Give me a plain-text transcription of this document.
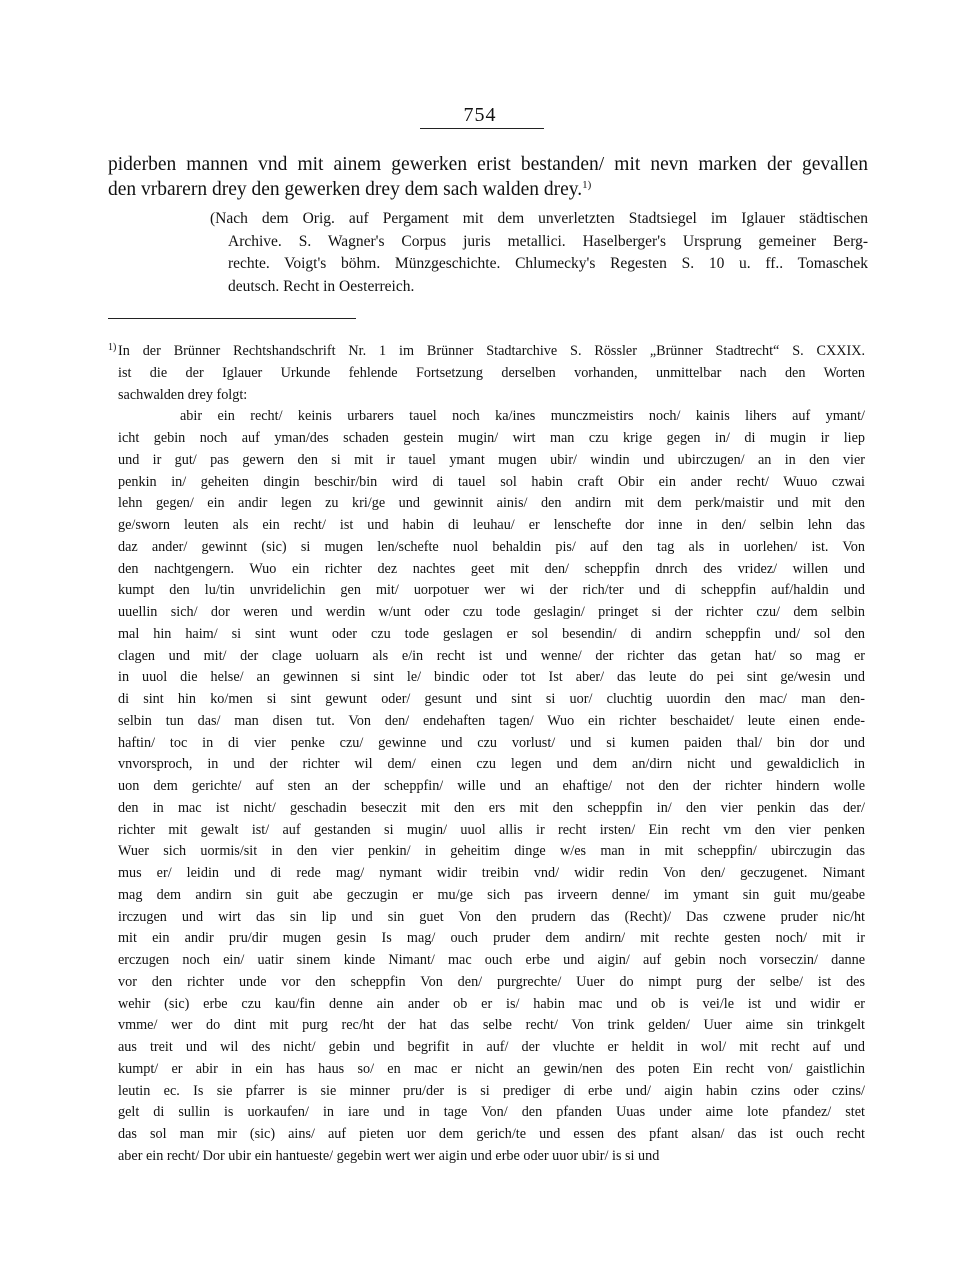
754
piderben mannen vnd mit ainem gewerken erist bestanden/ mit nevn marken der gevallen
den vrbarern drey den gewerken drey dem sach walden drey.$^{1)}$
(Nach dem Orig. auf Pergament mit dem unverletzten Stadtsiegel im Iglauer städtischen
Archive. S. Wagner's Corpus juris metallici. Haselberger's Ursprung gemeiner Berg-
rechte. Voigt's böhm. Münzgeschichte. Chlumecky's Regesten S. 10 u. ff.. Tomaschek
deutsch. Recht in Oesterreich.
1) In der Brünner Rechtshandschrift Nr. 1 im Brünner Stadtarchive S. Rössler „Brünner Stadtrecht“ S. CXXIX.
ist die der Iglauer Urkunde fehlende Fortsetzung derselben vorhanden, unmittelbar nach den Worten
sachwalden drey folgt:
abir ein recht/ keinis urbarers tauel noch ka/ines munczmeistirs noch/ kainis lihers auf ymant/
icht gebin noch auf yman/des schaden gestein mugin/ wirt man czu krige gegen in/ di mugin ir liep
und ir gut/ pas gewern den si mit ir tauel ymant mugen ubir/ windin und ubirczugen/ an in den vier
penkin in/ geheiten dingin beschir/bin wird di tauel sol habin craft Obir ein ander recht/ Wuuo czwai
lehn gegen/ ein andir legen zu kri/ge und gewinnit ainis/ den andirn mit dem perk/maistir und mit den
ge/sworn leuten als ein recht/ ist und habin di leuhau/ er lenschefte dor inne in den/ selbin lehn das
daz ander/ gewinnt (sic) si mugen len/schefte nuol behaldin pis/ auf den tag als in uorlehen/ ist. Von
den nachtgengern. Wuo ein richter dez nachtes geet mit den/ scheppfin dnrch des vridez/ willen und
kumpt den lu/tin unvridelichin gen mit/ uorpotuer wer wi der rich/ter und di scheppfin auf/haldin und
uuellin sich/ dor weren und werdin w/unt oder czu tode geslagin/ pringet si der richter czu/ dem selbin
mal hin haim/ si sint wunt oder czu tode geslagen er sol besendin/ di andirn scheppfin und/ sol den
clagen und mit/ der clage uoluarn als e/in recht ist und wenne/ der richter das getan hat/ so mag er
in uuol die helse/ an gewinnen si sint le/ bindic oder tot Ist aber/ das leute do pei sint ge/wesin und
di sint hin ko/men si sint gewunt oder/ gesunt und sint si uor/ cluchtig uuordin den mac/ man den-
selbin tun das/ man disen tut. Von den/ endehaften tagen/ Wuo ein richter beschaidet/ leute einen ende-
haftin/ toc in di vier penke czu/ gewinne und czu vorlust/ und si kumen paiden thal/ bin dor und
vnvorsproch, in und der richter wil dem/ einen czu legen und dem an/dirn nicht und gewaldiclich in
uon dem gerichte/ auf sten an der scheppfin/ wille und an ehaftige/ not den der richter hindern wolle
den in mac ist nicht/ geschadin beseczit mit den ers mit den scheppfin in/ den vier penkin das der/
richter mit gewalt ist/ auf gestanden si mugin/ uuol allis ir recht irsten/ Ein recht vm den vier penken
Wuer sich uormis/sit in den vier penkin/ in geheitim dinge w/es man in mit scheppfin/ ubirczugin das
mus er/ leidin und di rede mag/ nymant widir treibin vnd/ widir redin Von den/ geczugenet. Nimant
mag dem andirn sin guit abe geczugin er mu/ge sich pas irveern denne/ im ymant sin guit mu/geabe
irczugen und wirt das sin lip und sin guet Von den prudern das (Recht)/ Das czwene pruder nic/ht
mit ein andir pru/dir mugen gesin Is mag/ ouch pruder dem andirn/ mit rechte gesten noch/ mit ir
erczugen noch ein/ uatir sinem kinde Nimant/ mac ouch erbe und aigin/ auf gebin noch vorseczin/ danne
vor den richter unde vor den scheppfin Von den/ purgrechte/ Uuer do nimpt purg der selbe/ ist des
wehir (sic) erbe czu kau/fin denne ain ander ob er is/ habin mac und ob is vei/le ist und widir er
vmme/ wer do dint mit purg rec/ht der hat das selbe recht/ Von trink gelden/ Uuer aime sin trinkgelt
aus treit und wil des nicht/ gebin und begrifit in auf/ der vluchte er heldit in wol/ mit recht auf und
kumpt/ er abir in ein has haus so/ en mac er nicht an gewin/nen des poten Ein recht von/ gaistlichin
leutin ec. Is sie pfarrer is sie minner pru/der is si prediger di erbe und/ aigin habin czins oder czins/
gelt di sullin is uorkaufen/ in iare und in tage Von/ den pfanden Uuas under aime lote pfandez/ stet
das sol man mir (sic) ains/ auf pieten uor dem gerich/te und essen des pfant alsan/ das ist ouch recht
aber ein recht/ Dor ubir ein hantueste/ gegebin wert wer aigin und erbe oder uuor ubir/ is si und
